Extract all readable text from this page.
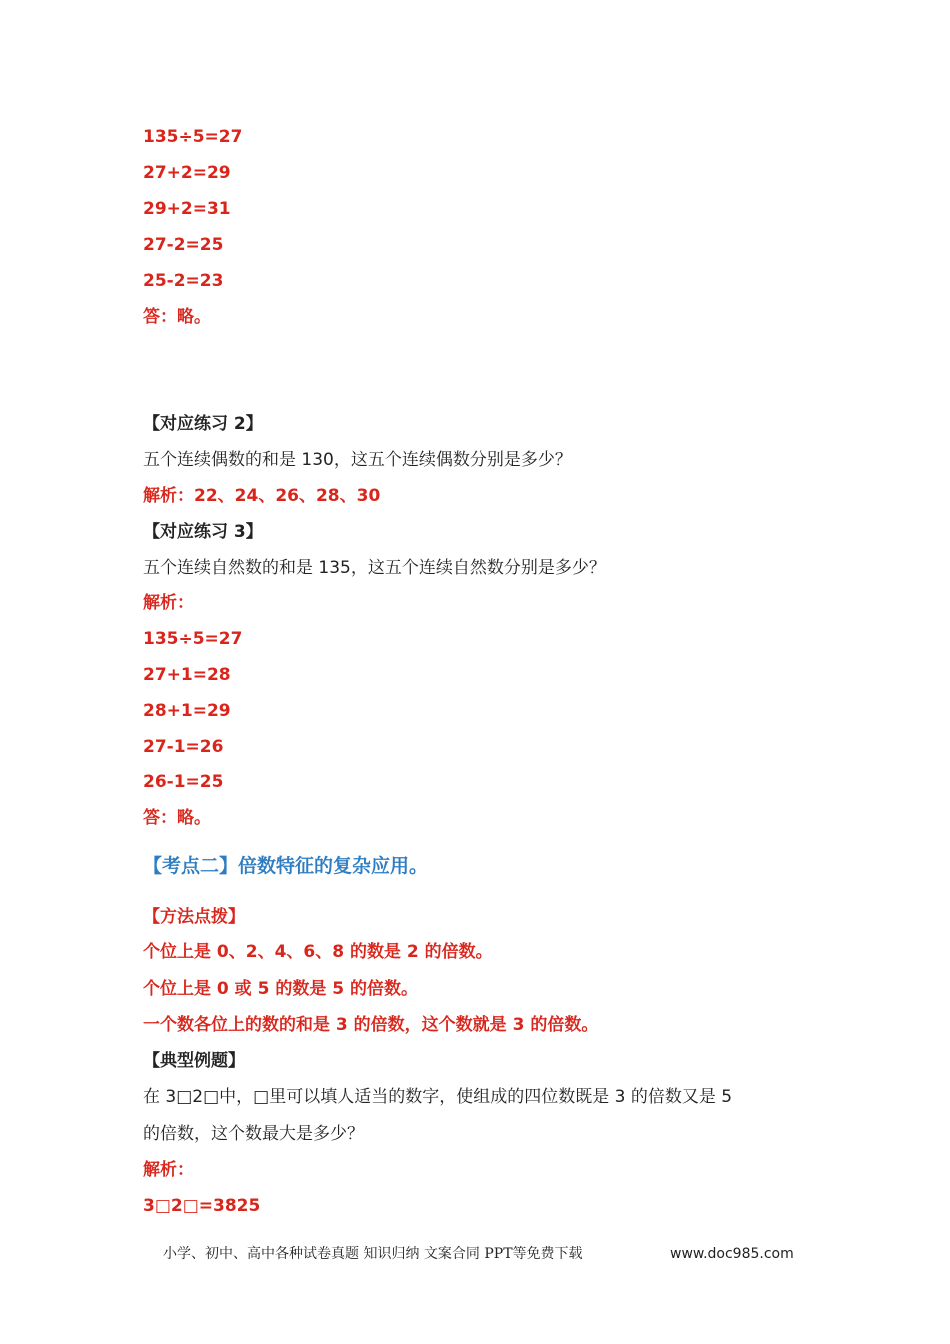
135÷5=27
27+2=29
29+2=31
27-2=25
25-2=23
答：略。
【对应练习 2】
五个连续偶数的和是 130，这五个连续偶数分别是多少？
解析：22、24、26、28、30
【对应练习 3】
五个连续自然数的和是 135，这五个连续自然数分别是多少？
解析：
135÷5=27
27+1=28
28+1=29
27-1=26
26-1=25
答：略。
【考点二】倍数特征的复杂应用。
【方法点拨】
个位上是 0、2、4、6、8 的数是 2 的倍数。
个位上是 0 或 5 的数是 5 的倍数。
一个数各位上的数的和是 3 的倍数，这个数就是 3 的倍数。
【典型例题】
在 3□2□中，□里可以填人适当的数字，使组成的四位数既是 3 的倍数又是 5
的倍数，这个数最大是多少？
解析：
3□2□=3825
小学、初中、高中各种试卷真题 知识归纳 文案合同 PPT等免费下载	www.doc985.com
